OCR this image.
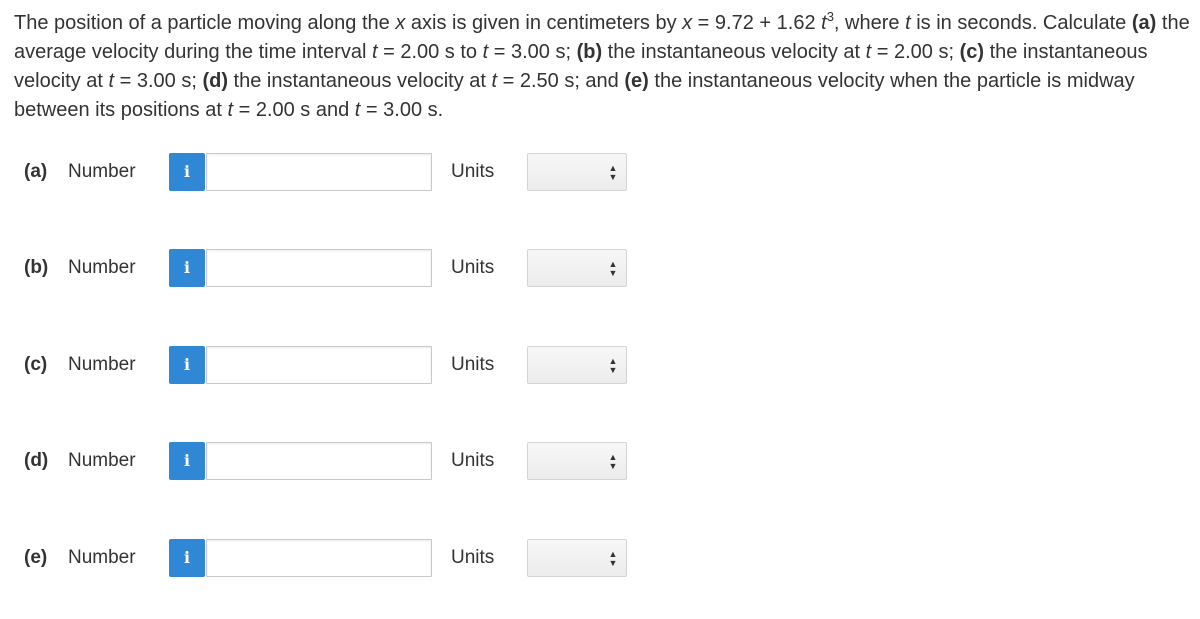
The position of a particle moving along the x axis is given in centimeters by x = 9.72 + 1.62 $t^3$, where t is in seconds. Calculate (a) the average velocity during the time interval t = 2.00 s to t = 3.00 s; (b) the instantaneous velocity at t = 2.00 s; (c) the instantaneous velocity at t = 3.00 s; (d) the instantaneous velocity at t = 2.50 s; and (e) the instantaneous velocity when the particle is midway between its positions at t = 2.00 s and t = 3.00 s.
(a) Number	i	Units	▲
▼
(b) Number	i	Units	▲
▼
(c) Number	i	Units	▲
▼
(d) Number	i	Units	▲
▼
(e) Number	i	Units	▲
▼
